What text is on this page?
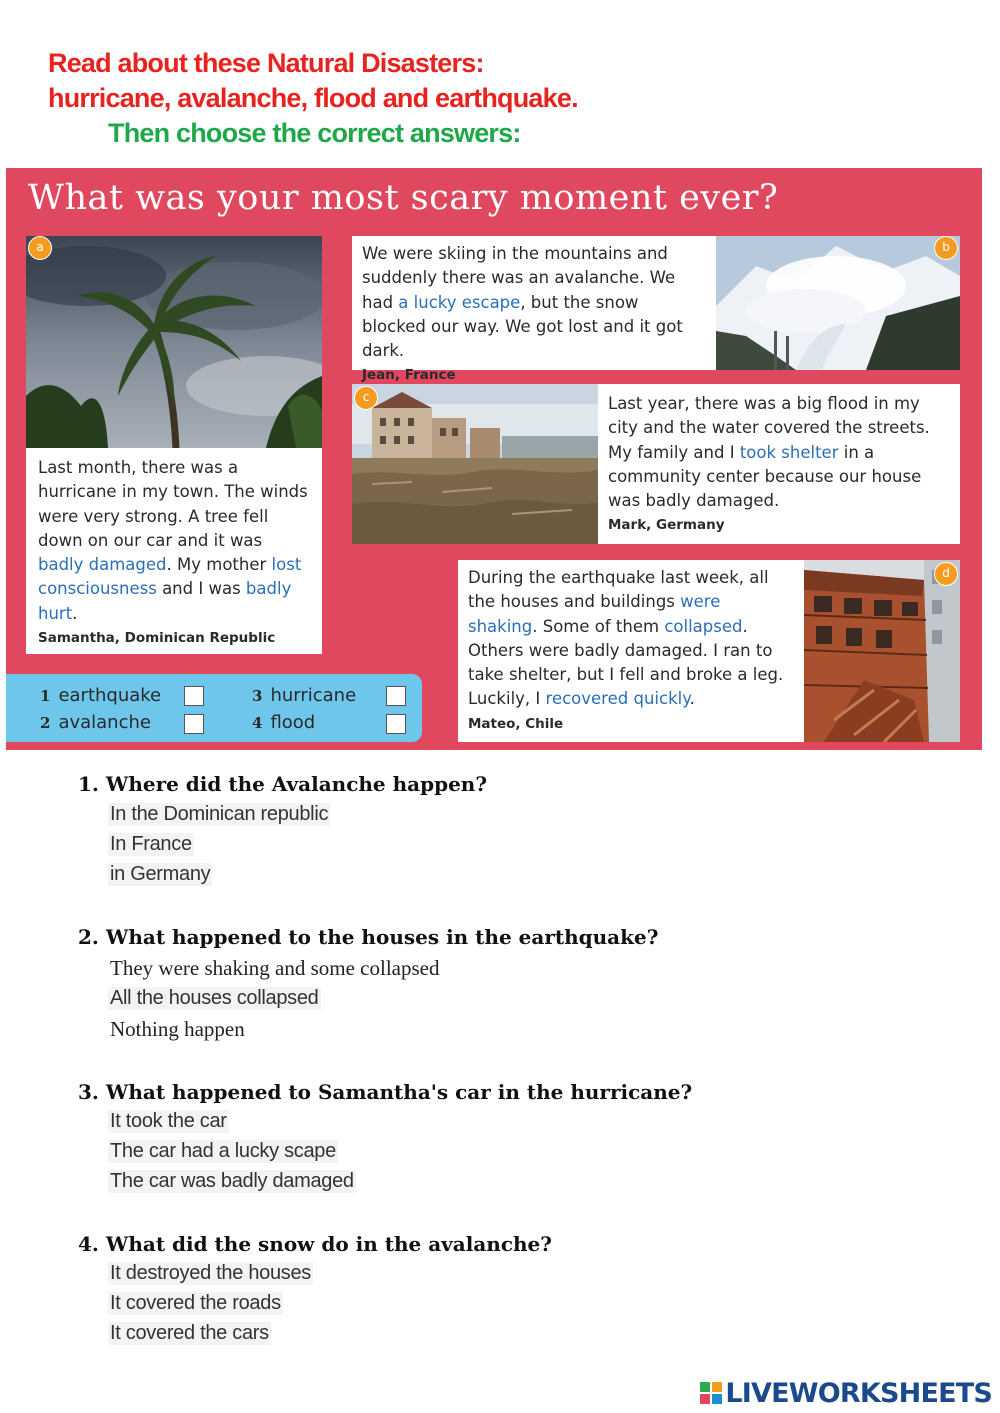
Read about these Natural Disasters:

hurricane, avalanche, flood and earthquake.

Then choose the correct answers:

What was your most scary moment ever?
a

Last month, there was a hurricane in my town. The winds were very strong. A tree fell down on our car and it was badly damaged. My mother lost consciousness and I was badly hurt.

Samantha, Dominican Republic

We were skiing in the mountains and suddenly there was an avalanche. We had a lucky escape, but the snow blocked our way. We got lost and it got dark.

Jean, France
b
c	Last year, there was a big flood in my city and the water covered the streets. My family and I took shelter in a community center because our house was badly damaged.

Mark, Germany

During the earthquake last week, all the houses and buildings were shaking. Some of them collapsed. Others were badly damaged. I ran to take shelter, but I fell and broke a leg. Luckily, I recovered quickly.

Mateo, Chile
d
1 earthquake
2 avalanche
3 hurricane
4 flood

1. Where did the Avalanche happen?

In the Dominican republic
In France
in Germany

2. What happened to the houses in the earthquake?

They were shaking and some collapsed
All the houses collapsed
Nothing happen

3. What happened to Samantha's car in the hurricane?

It took the car
The car had a lucky scape
The car was badly damaged

4. What did the snow do in the avalanche?

It destroyed the houses
It covered the roads
It covered the cars
LIVEWORKSHEETS
